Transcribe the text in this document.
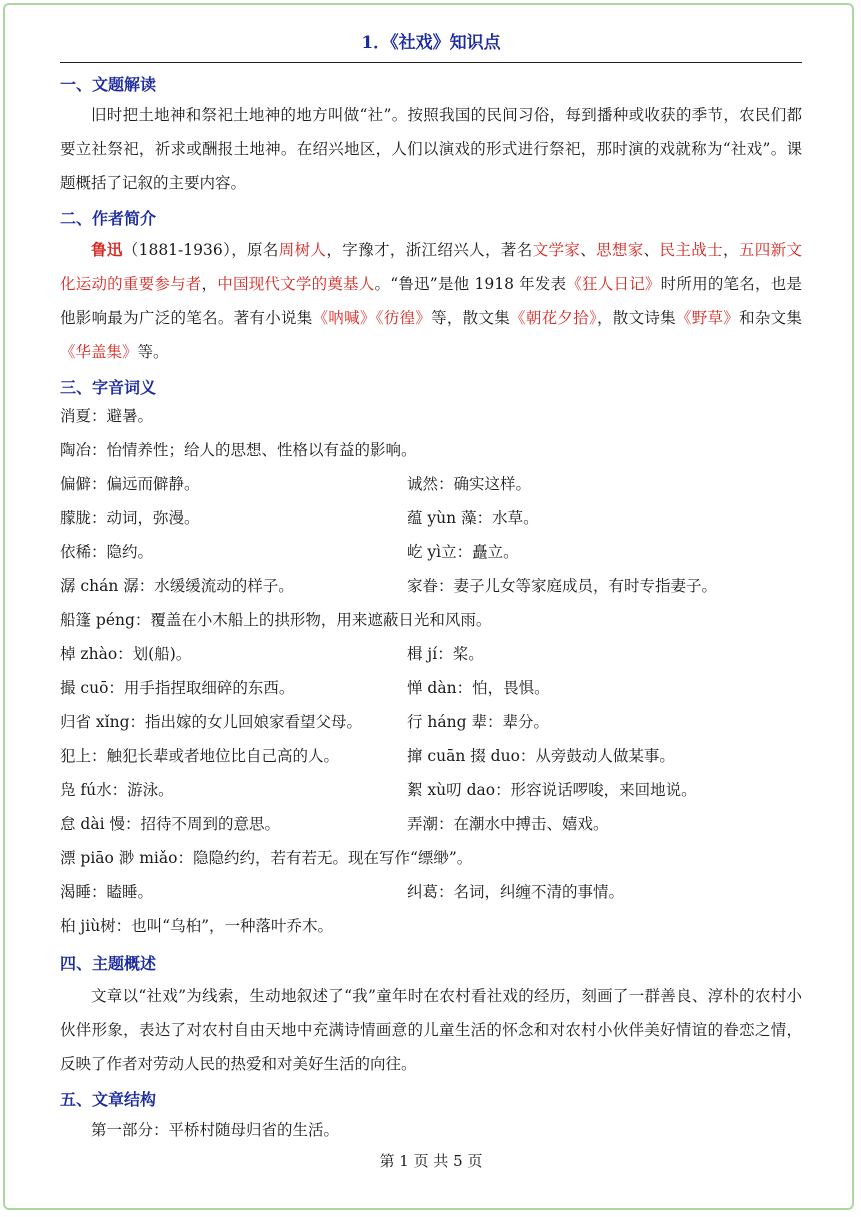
1．《社戏》知识点
一、文题解读
旧时把土地神和祭祀土地神的地方叫做“社”。按照我国的民间习俗，每到播种或收获的季节，农民们都要立社祭祀，祈求或酬报土地神。在绍兴地区，人们以演戏的形式进行祭祀，那时演的戏就称为“社戏”。课题概括了记叙的主要内容。
二、作者简介
鲁迅（1881-1936），原名周树人，字豫才，浙江绍兴人，著名文学家、思想家、民主战士，五四新文化运动的重要参与者，中国现代文学的奠基人。“鲁迅”是他 1918 年发表《狂人日记》时所用的笔名，也是他影响最为广泛的笔名。著有小说集《呐喊》《彷徨》等，散文集《朝花夕拾》，散文诗集《野草》和杂文集《华盖集》等。
三、字音词义
消夏：避暑。
陶冶：怡情养性；给人的思想、性格以有益的影响。
偏僻：偏远而僻静。	诚然：确实这样。
朦胧：动词，弥漫。	蕴 yùn 藻：水草。
依稀：隐约。	屹 yì立：矗立。
潺 chán 潺：水缓缓流动的样子。	家眷：妻子儿女等家庭成员，有时专指妻子。
船篷 péng：覆盖在小木船上的拱形物，用来遮蔽日光和风雨。
棹 zhào：划(船)。	楫 jí：桨。
撮 cuō：用手指捏取细碎的东西。	惮 dàn：怕，畏惧。
归省 xǐng：指出嫁的女儿回娘家看望父母。	行 háng 辈：辈分。
犯上：触犯长辈或者地位比自己高的人。	撺 cuān 掇 duo：从旁鼓动人做某事。
凫 fú水：游泳。	絮 xù叨 dao：形容说话啰唆，来回地说。
怠 dài 慢：招待不周到的意思。	弄潮：在潮水中搏击、嬉戏。
漂 piāo 渺 miǎo：隐隐约约，若有若无。现在写作“缥缈”。
渴睡：瞌睡。	纠葛：名词，纠缠不清的事情。
桕 jiù树：也叫“乌桕”，一种落叶乔木。
四、主题概述
文章以“社戏”为线索，生动地叙述了“我”童年时在农村看社戏的经历，刻画了一群善良、淳朴的农村小伙伴形象，表达了对农村自由天地中充满诗情画意的儿童生活的怀念和对农村小伙伴美好情谊的眷恋之情，反映了作者对劳动人民的热爱和对美好生活的向往。
五、文章结构
第一部分：平桥村随母归省的生活。
第 1 页 共 5 页
